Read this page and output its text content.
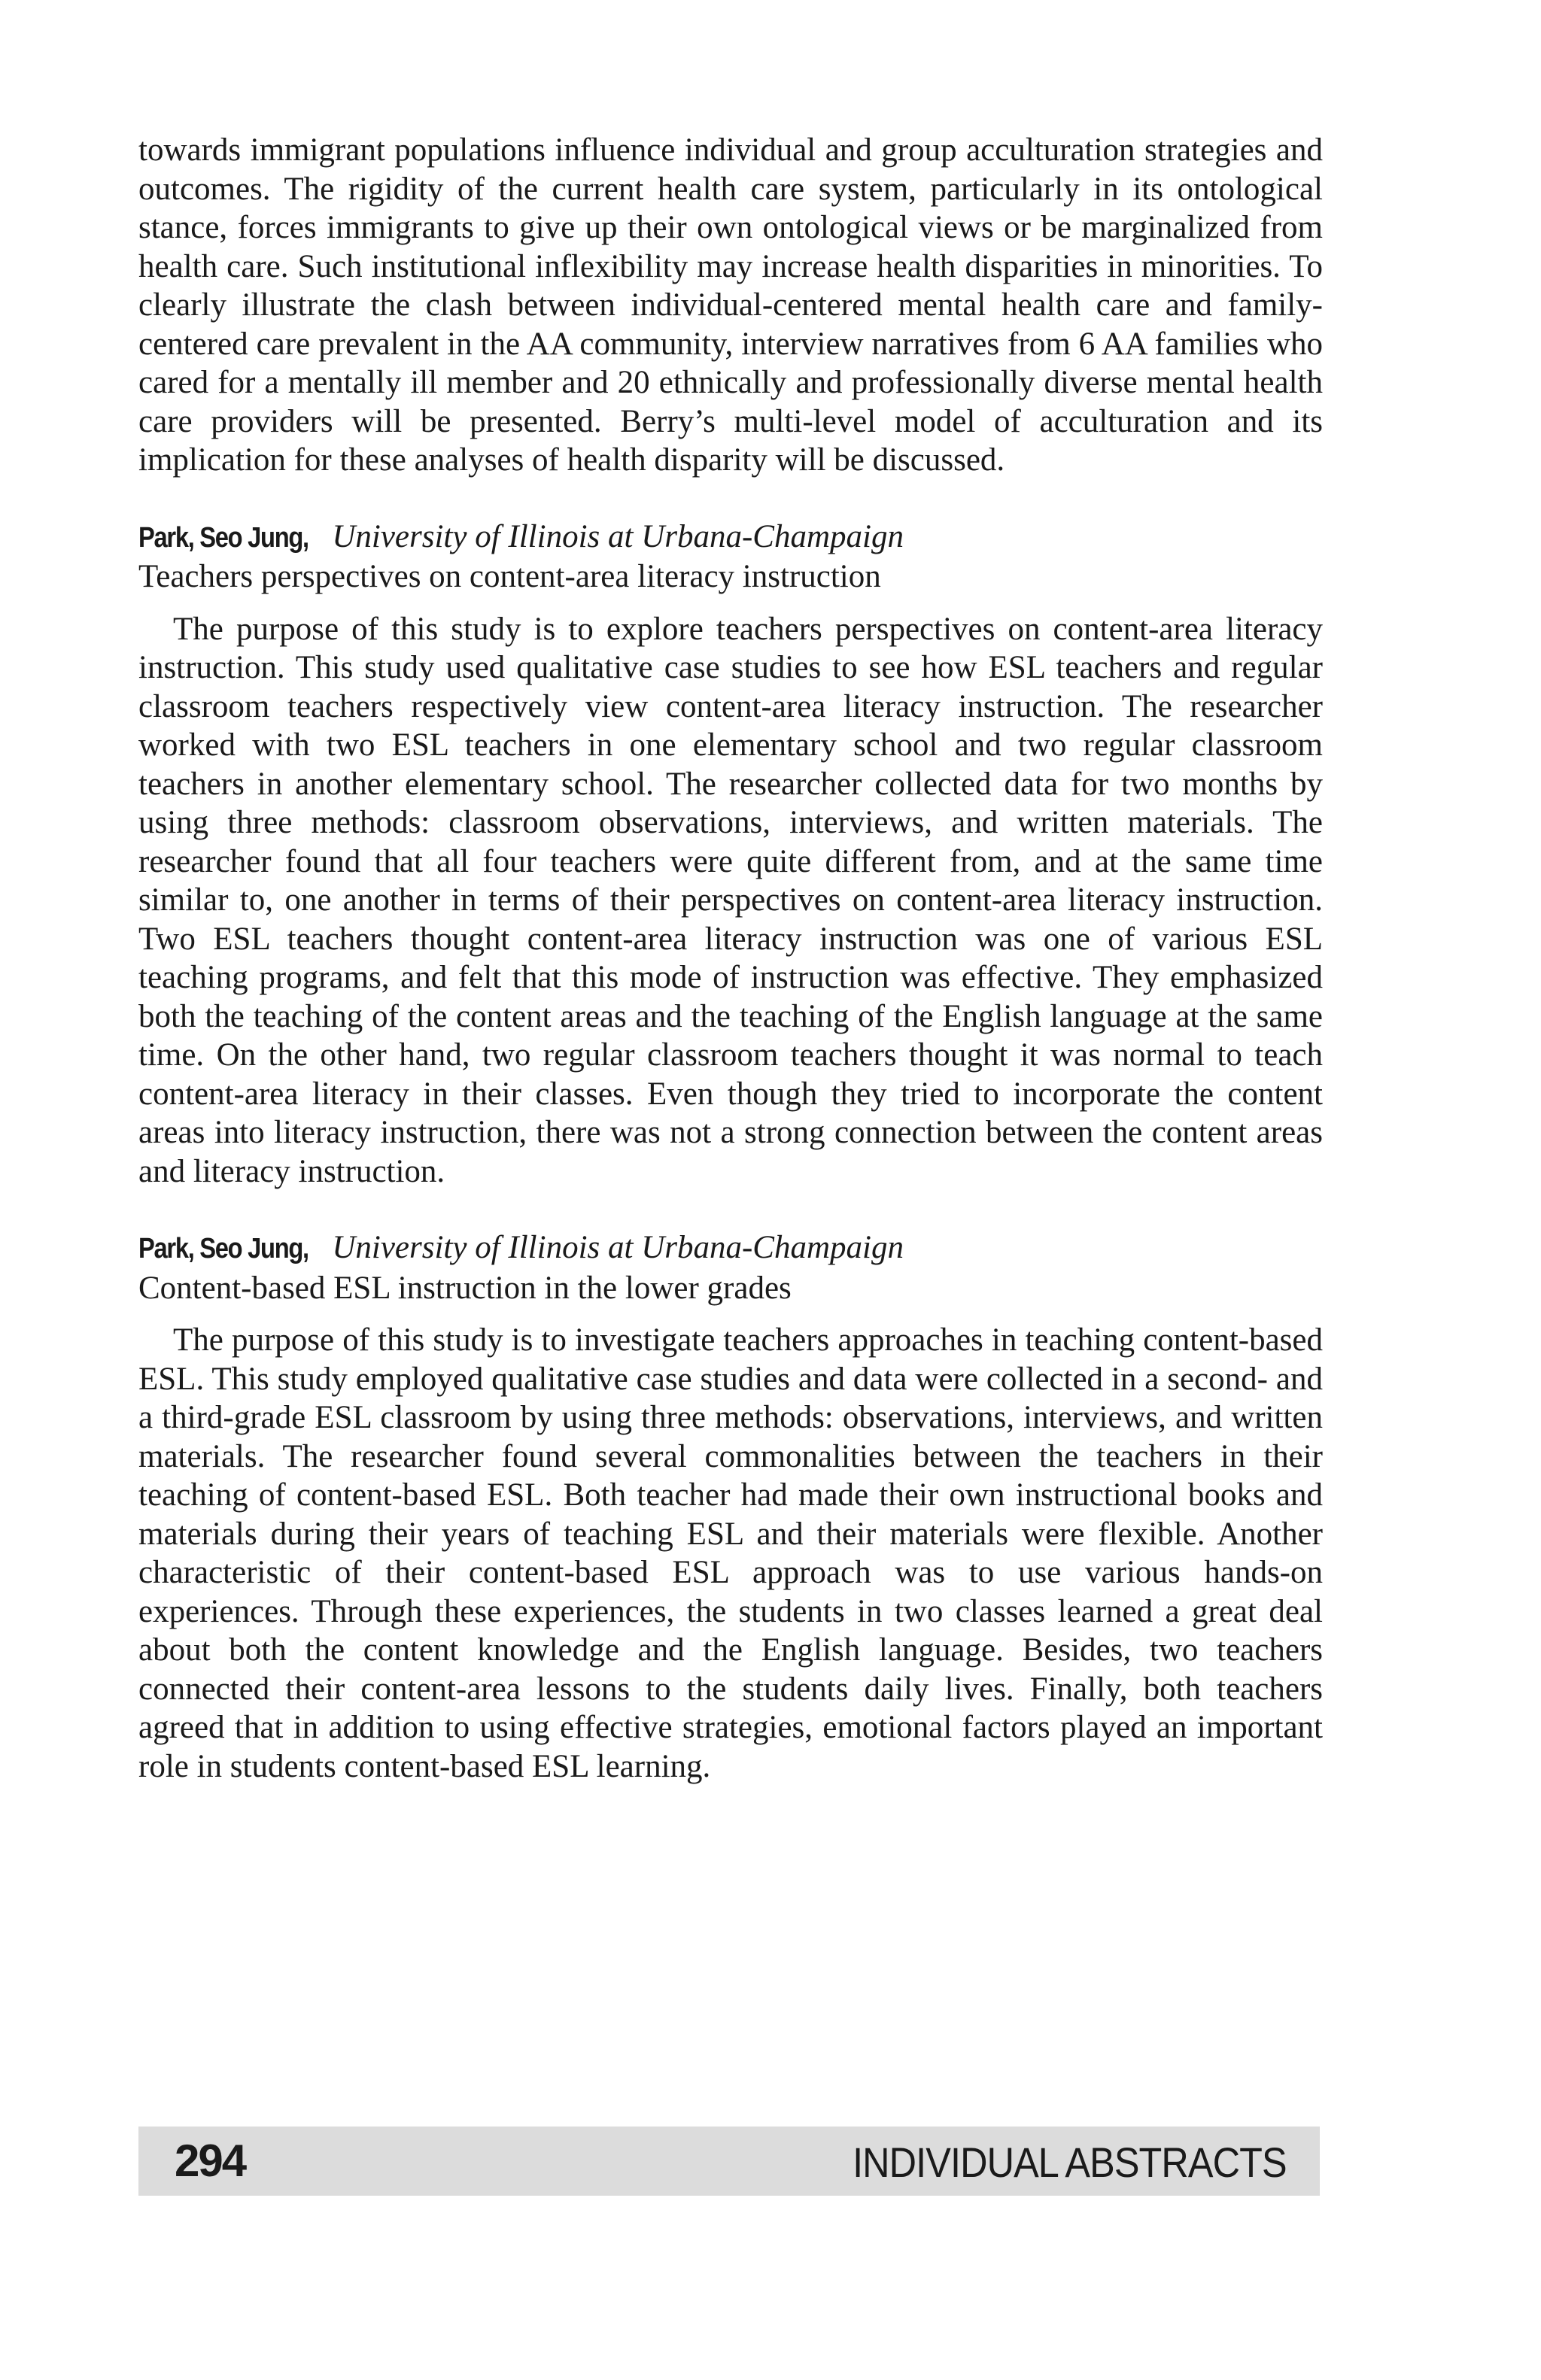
towards immigrant populations influence individual and group acculturation strategies and outcomes. The rigidity of the current health care system, particularly in its ontological stance, forces immigrants to give up their own ontological views or be marginalized from health care. Such institutional inflexibility may increase health disparities in minorities. To clearly illustrate the clash between individual-centered mental health care and family-centered care prevalent in the AA community, interview narratives from 6 AA families who cared for a mentally ill member and 20 ethnically and professionally diverse mental health care providers will be presented. Berry’s multi-level model of acculturation and its implication for these analyses of health disparity will be discussed.

Park, Seo Jung, University of Illinois at Urbana-Champaign

Teachers perspectives on content-area literacy instruction

The purpose of this study is to explore teachers perspectives on content-area literacy instruction. This study used qualitative case studies to see how ESL teachers and regular classroom teachers respectively view content-area literacy instruction. The researcher worked with two ESL teachers in one elementary school and two regular classroom teachers in another elementary school. The researcher collected data for two months by using three methods: classroom observations, interviews, and written materials. The researcher found that all four teachers were quite different from, and at the same time similar to, one another in terms of their perspectives on content-area literacy instruction. Two ESL teachers thought content-area literacy instruction was one of various ESL teaching programs, and felt that this mode of instruction was effective. They emphasized both the teaching of the content areas and the teaching of the English language at the same time. On the other hand, two regular classroom teachers thought it was normal to teach content-area literacy in their classes. Even though they tried to incorporate the content areas into literacy instruction, there was not a strong connection between the content areas and literacy instruction.

Park, Seo Jung, University of Illinois at Urbana-Champaign

Content-based ESL instruction in the lower grades

The purpose of this study is to investigate teachers approaches in teaching content-based ESL. This study employed qualitative case studies and data were collected in a second- and a third-grade ESL classroom by using three methods: observations, interviews, and written materials. The researcher found several commonalities between the teachers in their teaching of content-based ESL. Both teacher had made their own instructional books and materials during their years of teaching ESL and their materials were flexible. Another characteristic of their content-based ESL approach was to use various hands-on experiences. Through these experiences, the students in two classes learned a great deal about both the content knowledge and the English language. Besides, two teachers connected their content-area lessons to the students daily lives. Finally, both teachers agreed that in addition to using effective strategies, emotional factors played an important role in students content-based ESL learning.

294	INDIVIDUAL ABSTRACTS
